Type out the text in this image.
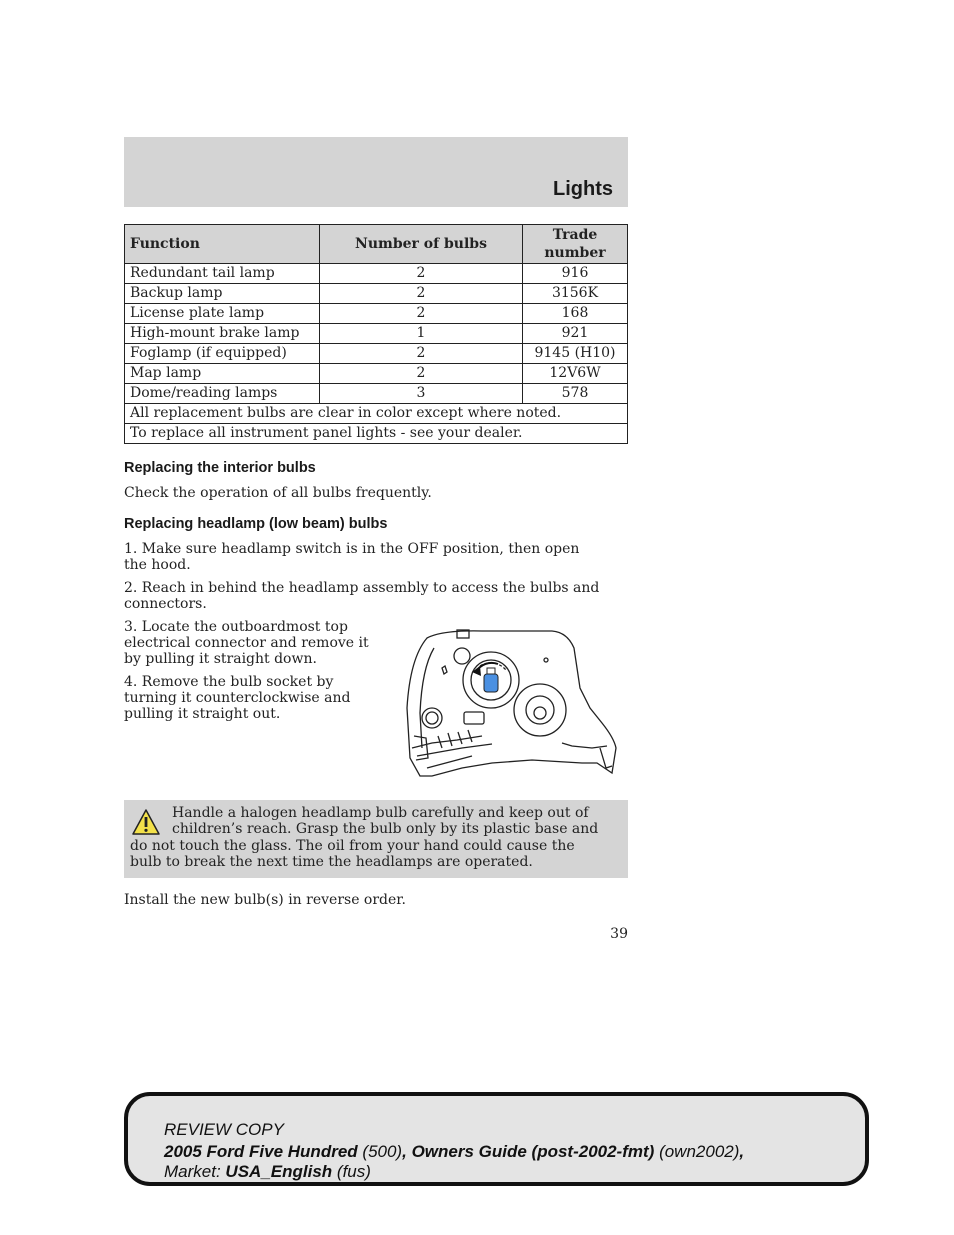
Lights
Function	Number of bulbs	Trade number
Redundant tail lamp	2	916
Backup lamp	2	3156K
License plate lamp	2	168
High-mount brake lamp	1	921
Foglamp (if equipped)	2	9145 (H10)
Map lamp	2	12V6W
Dome/reading lamps	3	578
All replacement bulbs are clear in color except where noted.		
To replace all instrument panel lights - see your dealer.		
Replacing the interior bulbs
Check the operation of all bulbs frequently.
Replacing headlamp (low beam) bulbs
1. Make sure headlamp switch is in the OFF position, then open the hood.
2. Reach in behind the headlamp assembly to access the bulbs and connectors.
3. Locate the outboardmost top electrical connector and remove it by pulling it straight down.
4. Remove the bulb socket by turning it counterclockwise and pulling it straight out.
Handle a halogen headlamp bulb carefully and keep out of children’s reach. Grasp the bulb only by its plastic base and do not touch the glass. The oil from your hand could cause the bulb to break the next time the headlamps are operated.
Install the new bulb(s) in reverse order.
39
REVIEW COPY
2005 Ford Five Hundred (500), Owners Guide (post-2002-fmt) (own2002),
Market: USA_English (fus)
